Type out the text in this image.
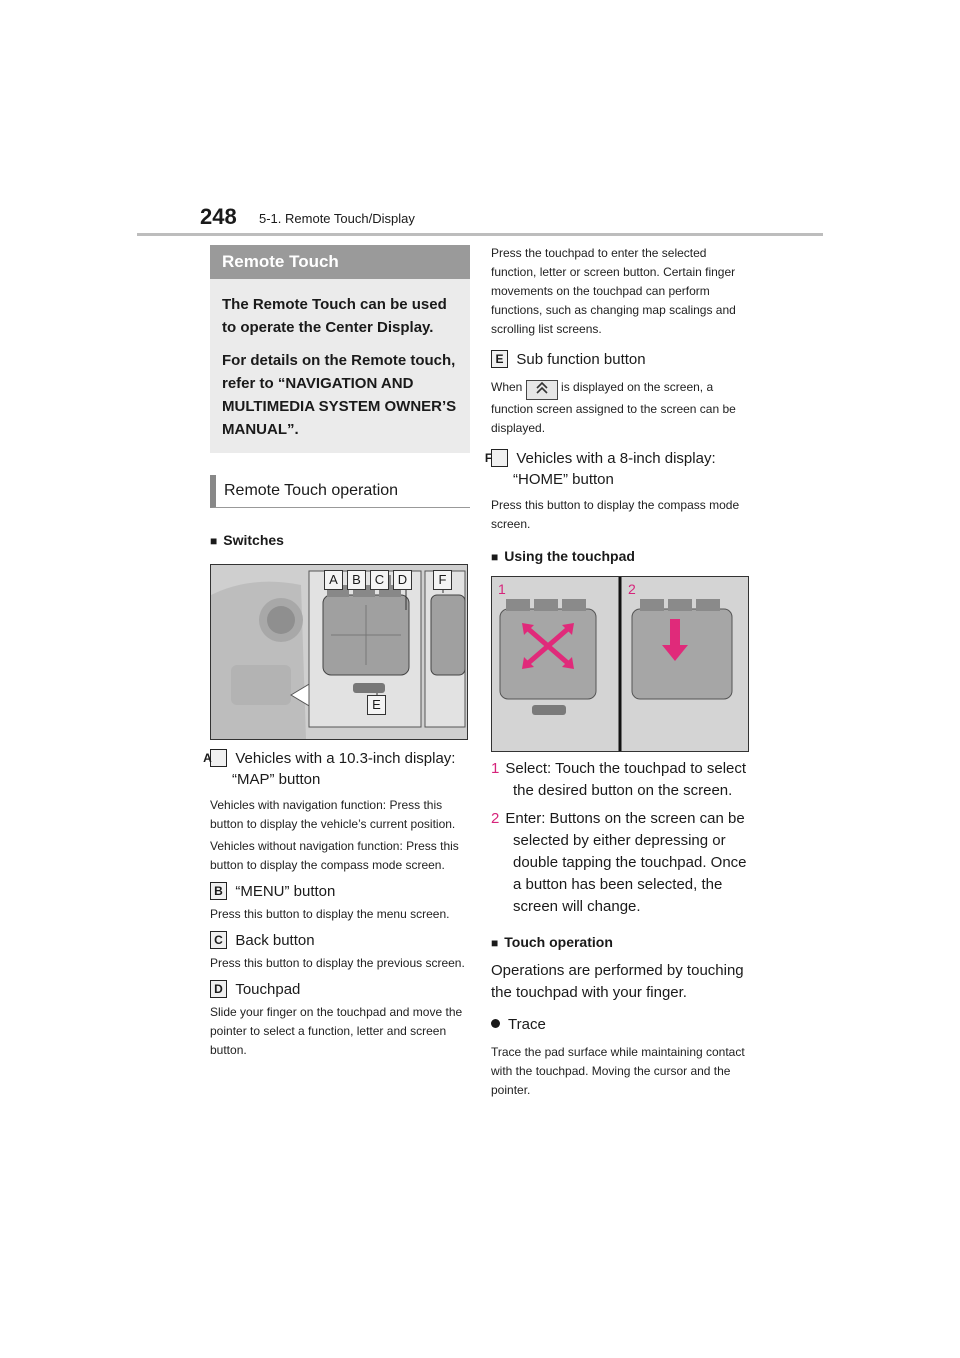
248 5-1. Remote Touch/Display
Remote Touch

The Remote Touch can be used to operate the Center Display.

For details on the Remote touch, refer to “NAVIGATION AND MULTIMEDIA SYSTEM OWNER’S MANUAL”.

Remote Touch operation

■ Switches

A	B	C	D	F
E

A Vehicles with a 10.3-inch display: “MAP” button

Vehicles with navigation function: Press this button to display the vehicle’s current position.

Vehicles without navigation function: Press this button to display the compass mode screen.

B “MENU” button

Press this button to display the menu screen.

C Back button

Press this button to display the previous screen.

D Touchpad

Slide your finger on the touchpad and move the pointer to select a function, letter and screen button.

Press the touchpad to enter the selected function, letter or screen button. Certain finger movements on the touchpad can perform functions, such as changing map scalings and scrolling list screens.

E Sub function button

When	is displayed on the screen, a function screen assigned to the screen can be displayed.

F Vehicles with a 8-inch display: “HOME” button

Press this button to display the compass mode screen.

■ Using the touchpad

1	2
1 Select: Touch the touchpad to select the desired button on the screen.
2 Enter: Buttons on the screen can be selected by either depressing or double tapping the touchpad. Once a button has been selected, the screen will change.

■ Touch operation

Operations are performed by touching the touchpad with your finger.

Trace

Trace the pad surface while maintaining contact with the touchpad. Moving the cursor and the pointer.
